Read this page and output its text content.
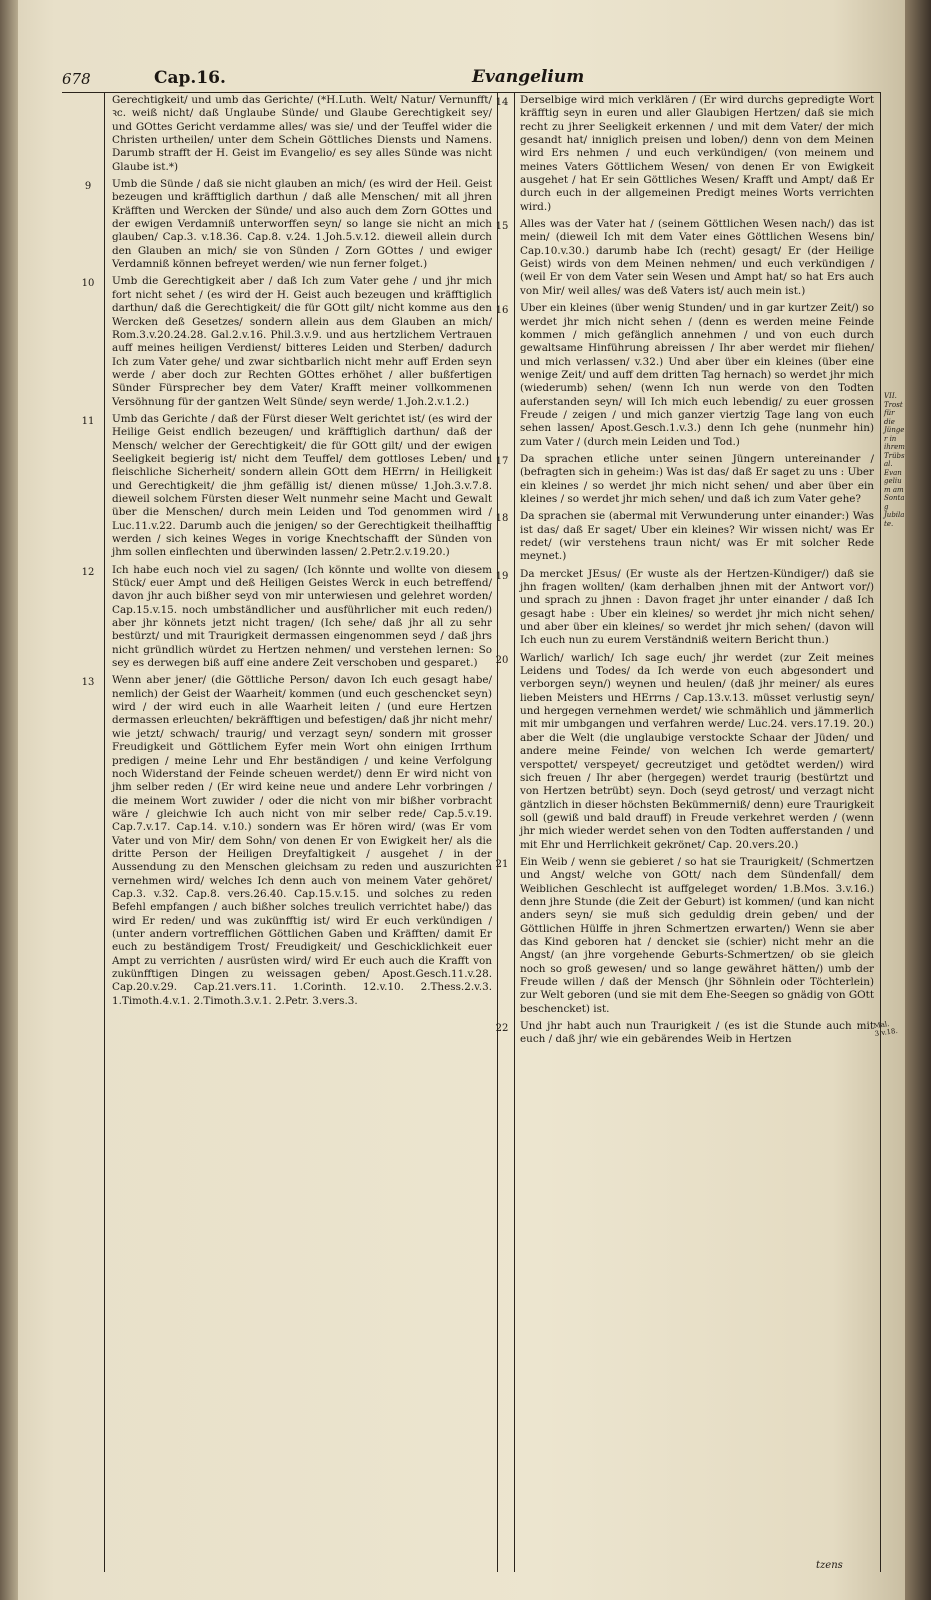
678	Cap.16.	Evangelium
Gerechtigkeit/ und umb das Gerichte/ (*H.Luth. Welt/ Natur/ Vernunfft/ ꝛc. weiß nicht/ daß Unglaube Sünde/ und Glaube Gerechtigkeit sey/ und GOttes Gericht verdamme alles/ was sie/ und der Teuffel wider die Christen urtheilen/ unter dem Schein Göttliches Diensts und Namens. Darumb strafft der H. Geist im Evangelio/ es sey alles Sünde was nicht Glaube ist.*)
9	Umb die Sünde / daß sie nicht glauben an mich/ (es wird der Heil. Geist bezeugen und kräfftiglich darthun / daß alle Menschen/ mit all jhren Kräfften und Wercken der Sünde/ und also auch dem Zorn GOttes und der ewigen Verdamniß unterworffen seyn/ so lange sie nicht an mich glauben/ Cap.3. v.18.36. Cap.8. v.24. 1.Joh.5.v.12. dieweil allein durch den Glauben an mich/ sie von Sünden / Zorn GOttes / und ewiger Verdamniß können befreyet werden/ wie nun ferner folget.)
10	Umb die Gerechtigkeit aber / daß Ich zum Vater gehe / und jhr mich fort nicht sehet / (es wird der H. Geist auch bezeugen und kräfftiglich darthun/ daß die Gerechtigkeit/ die für GOtt gilt/ nicht komme aus den Wercken deß Gesetzes/ sondern allein aus dem Glauben an mich/ Rom.3.v.20.24.28. Gal.2.v.16. Phil.3.v.9. und aus hertzlichem Vertrauen auff meines heiligen Verdienst/ bitteres Leiden und Sterben/ dadurch Ich zum Vater gehe/ und zwar sichtbarlich nicht mehr auff Erden seyn werde / aber doch zur Rechten GOttes erhöhet / aller bußfertigen Sünder Fürsprecher bey dem Vater/ Krafft meiner vollkommenen Versöhnung für der gantzen Welt Sünde/ seyn werde/ 1.Joh.2.v.1.2.)
11	Umb das Gerichte / daß der Fürst dieser Welt gerichtet ist/ (es wird der Heilige Geist endlich bezeugen/ und kräfftiglich darthun/ daß der Mensch/ welcher der Gerechtigkeit/ die für GOtt gilt/ und der ewigen Seeligkeit begierig ist/ nicht dem Teuffel/ dem gottloses Leben/ und fleischliche Sicherheit/ sondern allein GOtt dem HErrn/ in Heiligkeit und Gerechtigkeit/ die jhm gefällig ist/ dienen müsse/ 1.Joh.3.v.7.8. dieweil solchem Fürsten dieser Welt nunmehr seine Macht und Gewalt über die Menschen/ durch mein Leiden und Tod genommen wird / Luc.11.v.22. Darumb auch die jenigen/ so der Gerechtigkeit theilhafftig werden / sich keines Weges in vorige Knechtschafft der Sünden von jhm sollen einflechten und überwinden lassen/ 2.Petr.2.v.19.20.)
12	Ich habe euch noch viel zu sagen/ (Ich könnte und wollte von diesem Stück/ euer Ampt und deß Heiligen Geistes Werck in euch betreffend/ davon jhr auch bißher seyd von mir unterwiesen und gelehret worden/ Cap.15.v.15. noch umbständlicher und ausführlicher mit euch reden/) aber jhr könnets jetzt nicht tragen/ (Ich sehe/ daß jhr all zu sehr bestürzt/ und mit Traurigkeit dermassen eingenommen seyd / daß jhrs nicht gründlich würdet zu Hertzen nehmen/ und verstehen lernen: So sey es derwegen biß auff eine andere Zeit verschoben und gesparet.)
13	Wenn aber jener/ (die Göttliche Person/ davon Ich euch gesagt habe/ nemlich) der Geist der Waarheit/ kommen (und euch geschencket seyn) wird / der wird euch in alle Waarheit leiten / (und eure Hertzen dermassen erleuchten/ bekräfftigen und befestigen/ daß jhr nicht mehr/ wie jetzt/ schwach/ traurig/ und verzagt seyn/ sondern mit grosser Freudigkeit und Göttlichem Eyfer mein Wort ohn einigen Irrthum predigen / meine Lehr und Ehr beständigen / und keine Verfolgung noch Widerstand der Feinde scheuen werdet/) denn Er wird nicht von jhm selber reden / (Er wird keine neue und andere Lehr vorbringen / die meinem Wort zuwider / oder die nicht von mir bißher vorbracht wäre / gleichwie Ich auch nicht von mir selber rede/ Cap.5.v.19. Cap.7.v.17. Cap.14. v.10.) sondern was Er hören wird/ (was Er vom Vater und von Mir/ dem Sohn/ von denen Er von Ewigkeit her/ als die dritte Person der Heiligen Dreyfaltigkeit / ausgehet / in der Aussendung zu den Menschen gleichsam zu reden und auszurichten vernehmen wird/ welches Ich denn auch von meinem Vater gehöret/ Cap.3. v.32. Cap.8. vers.26.40. Cap.15.v.15. und solches zu reden Befehl empfangen / auch bißher solches treulich verrichtet habe/) das wird Er reden/ und was zukünfftig ist/ wird Er euch verkündigen / (unter andern vortrefflichen Göttlichen Gaben und Kräfften/ damit Er euch zu beständigem Trost/ Freudigkeit/ und Geschicklichkeit euer Ampt zu verrichten / ausrüsten wird/ wird Er euch auch die Krafft von zukünfftigen Dingen zu weissagen geben/ Apost.Gesch.11.v.28. Cap.20.v.29. Cap.21.vers.11. 1.Corinth. 12.v.10. 2.Thess.2.v.3. 1.Timoth.4.v.1. 2.Timoth.3.v.1. 2.Petr. 3.vers.3.
14	Derselbige wird mich verklären / (Er wird durchs gepredigte Wort kräfftig seyn in euren und aller Glaubigen Hertzen/ daß sie mich recht zu jhrer Seeligkeit erkennen / und mit dem Vater/ der mich gesandt hat/ inniglich preisen und loben/) denn von dem Meinen wird Ers nehmen / und euch verkündigen/ (von meinem und meines Vaters Göttlichem Wesen/ von denen Er von Ewigkeit ausgehet / hat Er sein Göttliches Wesen/ Krafft und Ampt/ daß Er durch euch in der allgemeinen Predigt meines Worts verrichten wird.)
15	Alles was der Vater hat / (seinem Göttlichen Wesen nach/) das ist mein/ (dieweil Ich mit dem Vater eines Göttlichen Wesens bin/ Cap.10.v.30.) darumb habe Ich (recht) gesagt/ Er (der Heilige Geist) wirds von dem Meinen nehmen/ und euch verkündigen / (weil Er von dem Vater sein Wesen und Ampt hat/ so hat Ers auch von Mir/ weil alles/ was deß Vaters ist/ auch mein ist.)
16	Uber ein kleines (über wenig Stunden/ und in gar kurtzer Zeit/) so werdet jhr mich nicht sehen / (denn es werden meine Feinde kommen / mich gefänglich annehmen / und von euch durch gewaltsame Hinführung abreissen / Ihr aber werdet mir fliehen/ und mich verlassen/ v.32.) Und aber über ein kleines (über eine wenige Zeit/ und auff dem dritten Tag hernach) so werdet jhr mich (wiederumb) sehen/ (wenn Ich nun werde von den Todten auferstanden seyn/ will Ich mich euch lebendig/ zu euer grossen Freude / zeigen / und mich ganzer viertzig Tage lang von euch sehen lassen/ Apost.Gesch.1.v.3.) denn Ich gehe (nunmehr hin) zum Vater / (durch mein Leiden und Tod.)
17	Da sprachen etliche unter seinen Jüngern untereinander / (befragten sich in geheim:) Was ist das/ daß Er saget zu uns : Uber ein kleines / so werdet jhr mich nicht sehen/ und aber über ein kleines / so werdet jhr mich sehen/ und daß ich zum Vater gehe?
18	Da sprachen sie (abermal mit Verwunderung unter einander:) Was ist das/ daß Er saget/ Uber ein kleines? Wir wissen nicht/ was Er redet/ (wir verstehens traun nicht/ was Er mit solcher Rede meynet.)
19	Da mercket JEsus/ (Er wuste als der Hertzen-Kündiger/) daß sie jhn fragen wollten/ (kam derhalben jhnen mit der Antwort vor/) und sprach zu jhnen : Davon fraget jhr unter einander / daß Ich gesagt habe : Uber ein kleines/ so werdet jhr mich nicht sehen/ und aber über ein kleines/ so werdet jhr mich sehen/ (davon will Ich euch nun zu eurem Verständniß weitern Bericht thun.)
20	Warlich/ warlich/ Ich sage euch/ jhr werdet (zur Zeit meines Leidens und Todes/ da Ich werde von euch abgesondert und verborgen seyn/) weynen und heulen/ (daß jhr meiner/ als eures lieben Meisters und HErrns / Cap.13.v.13. müsset verlustig seyn/ und hergegen vernehmen werdet/ wie schmählich und jämmerlich mit mir umbgangen und verfahren werde/ Luc.24. vers.17.19. 20.) aber die Welt (die unglaubige verstockte Schaar der Jüden/ und andere meine Feinde/ von welchen Ich werde gemartert/ verspottet/ verspeyet/ gecreutziget und getödtet werden/) wird sich freuen / Ihr aber (hergegen) werdet traurig (bestürtzt und von Hertzen betrübt) seyn. Doch (seyd getrost/ und verzagt nicht gäntzlich in dieser höchsten Bekümmerniß/ denn) eure Traurigkeit soll (gewiß und bald drauff) in Freude verkehret werden / (wenn jhr mich wieder werdet sehen von den Todten aufferstanden / und mit Ehr und Herrlichkeit gekrönet/ Cap. 20.vers.20.)
21	Ein Weib / wenn sie gebieret / so hat sie Traurigkeit/ (Schmertzen und Angst/ welche von GOtt/ nach dem Sündenfall/ dem Weiblichen Geschlecht ist auffgeleget worden/ 1.B.Mos. 3.v.16.) denn jhre Stunde (die Zeit der Geburt) ist kommen/ (und kan nicht anders seyn/ sie muß sich geduldig drein geben/ und der Göttlichen Hülffe in jhren Schmertzen erwarten/) Wenn sie aber das Kind geboren hat / dencket sie (schier) nicht mehr an die Angst/ (an jhre vorgehende Geburts-Schmertzen/ ob sie gleich noch so groß gewesen/ und so lange gewähret hätten/) umb der Freude willen / daß der Mensch (jhr Söhnlein oder Töchterlein) zur Welt geboren (und sie mit dem Ehe-Seegen so gnädig von GOtt beschencket) ist.
22	Und jhr habt auch nun Traurigkeit / (es ist die Stunde auch mit euch / daß jhr/ wie ein gebärendes Weib in Hertzen
VII. Trost für die Jünger in ihrem Trübsal. Evangelium am Sontag Jubilate.
Mal. 3.v.18.
tzens
